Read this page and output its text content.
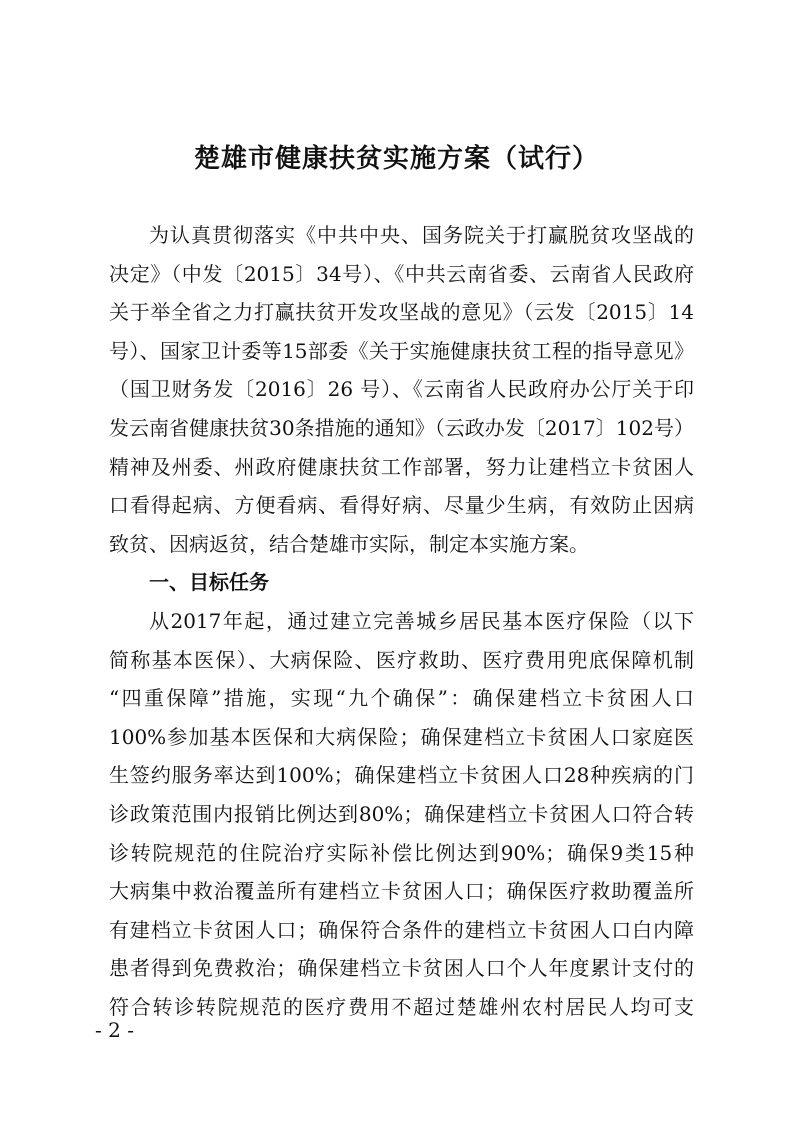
楚雄市健康扶贫实施方案（试行）
为认真贯彻落实《中共中央、国务院关于打赢脱贫攻坚战的
决定》（中发〔2015〕34号）、《中共云南省委、云南省人民政府
关于举全省之力打赢扶贫开发攻坚战的意见》（云发〔2015〕14
号）、国家卫计委等15部委《关于实施健康扶贫工程的指导意见》
（国卫财务发〔2016〕26 号）、《云南省人民政府办公厅关于印
发云南省健康扶贫30条措施的通知》（云政办发〔2017〕102号）
精神及州委、州政府健康扶贫工作部署，努力让建档立卡贫困人
口看得起病、方便看病、看得好病、尽量少生病，有效防止因病
致贫、因病返贫，结合楚雄市实际，制定本实施方案。
一、目标任务
从2017年起，通过建立完善城乡居民基本医疗保险（以下
简称基本医保）、大病保险、医疗救助、医疗费用兜底保障机制
“四重保障”措施，实现“九个确保”：确保建档立卡贫困人口
100%参加基本医保和大病保险；确保建档立卡贫困人口家庭医
生签约服务率达到100%；确保建档立卡贫困人口28种疾病的门
诊政策范围内报销比例达到80%；确保建档立卡贫困人口符合转
诊转院规范的住院治疗实际补偿比例达到90%；确保9类15种
大病集中救治覆盖所有建档立卡贫困人口；确保医疗救助覆盖所
有建档立卡贫困人口；确保符合条件的建档立卡贫困人口白内障
患者得到免费救治；确保建档立卡贫困人口个人年度累计支付的
符合转诊转院规范的医疗费用不超过楚雄州农村居民人均可支
- 2 -
